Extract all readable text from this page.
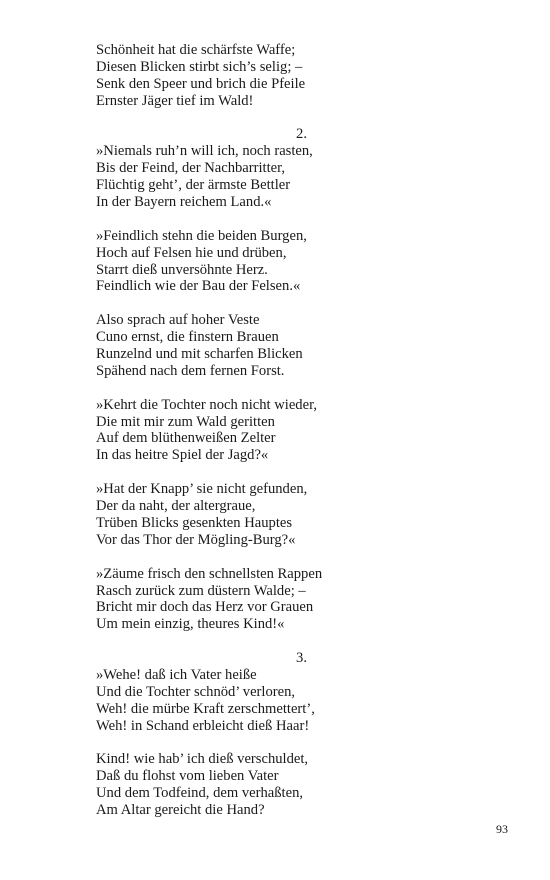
Schönheit hat die schärfste Waffe;
Diesen Blicken stirbt sich’s selig; –
Senk den Speer und brich die Pfeile
Ernster Jäger tief im Wald!
2.
»Niemals ruh’n will ich, noch rasten,
Bis der Feind, der Nachbarritter,
Flüchtig geht’, der ärmste Bettler
In der Bayern reichem Land.«
»Feindlich stehn die beiden Burgen,
Hoch auf Felsen hie und drüben,
Starrt dieß unversöhnte Herz.
Feindlich wie der Bau der Felsen.«
Also sprach auf hoher Veste
Cuno ernst, die finstern Brauen
Runzelnd und mit scharfen Blicken
Spähend nach dem fernen Forst.
»Kehrt die Tochter noch nicht wieder,
Die mit mir zum Wald geritten
Auf dem blüthenweißen Zelter
In das heitre Spiel der Jagd?«
»Hat der Knapp’ sie nicht gefunden,
Der da naht, der altergraue,
Trüben Blicks gesenkten Hauptes
Vor das Thor der Mögling-Burg?«
»Zäume frisch den schnellsten Rappen
Rasch zurück zum düstern Walde; –
Bricht mir doch das Herz vor Grauen
Um mein einzig, theures Kind!«
3.
»Wehe! daß ich Vater heiße
Und die Tochter schnöd’ verloren,
Weh! die mürbe Kraft zerschmettert’,
Weh! in Schand erbleicht dieß Haar!
Kind! wie hab’ ich dieß verschuldet,
Daß du flohst vom lieben Vater
Und dem Todfeind, dem verhaßten,
Am Altar gereicht die Hand?
93
